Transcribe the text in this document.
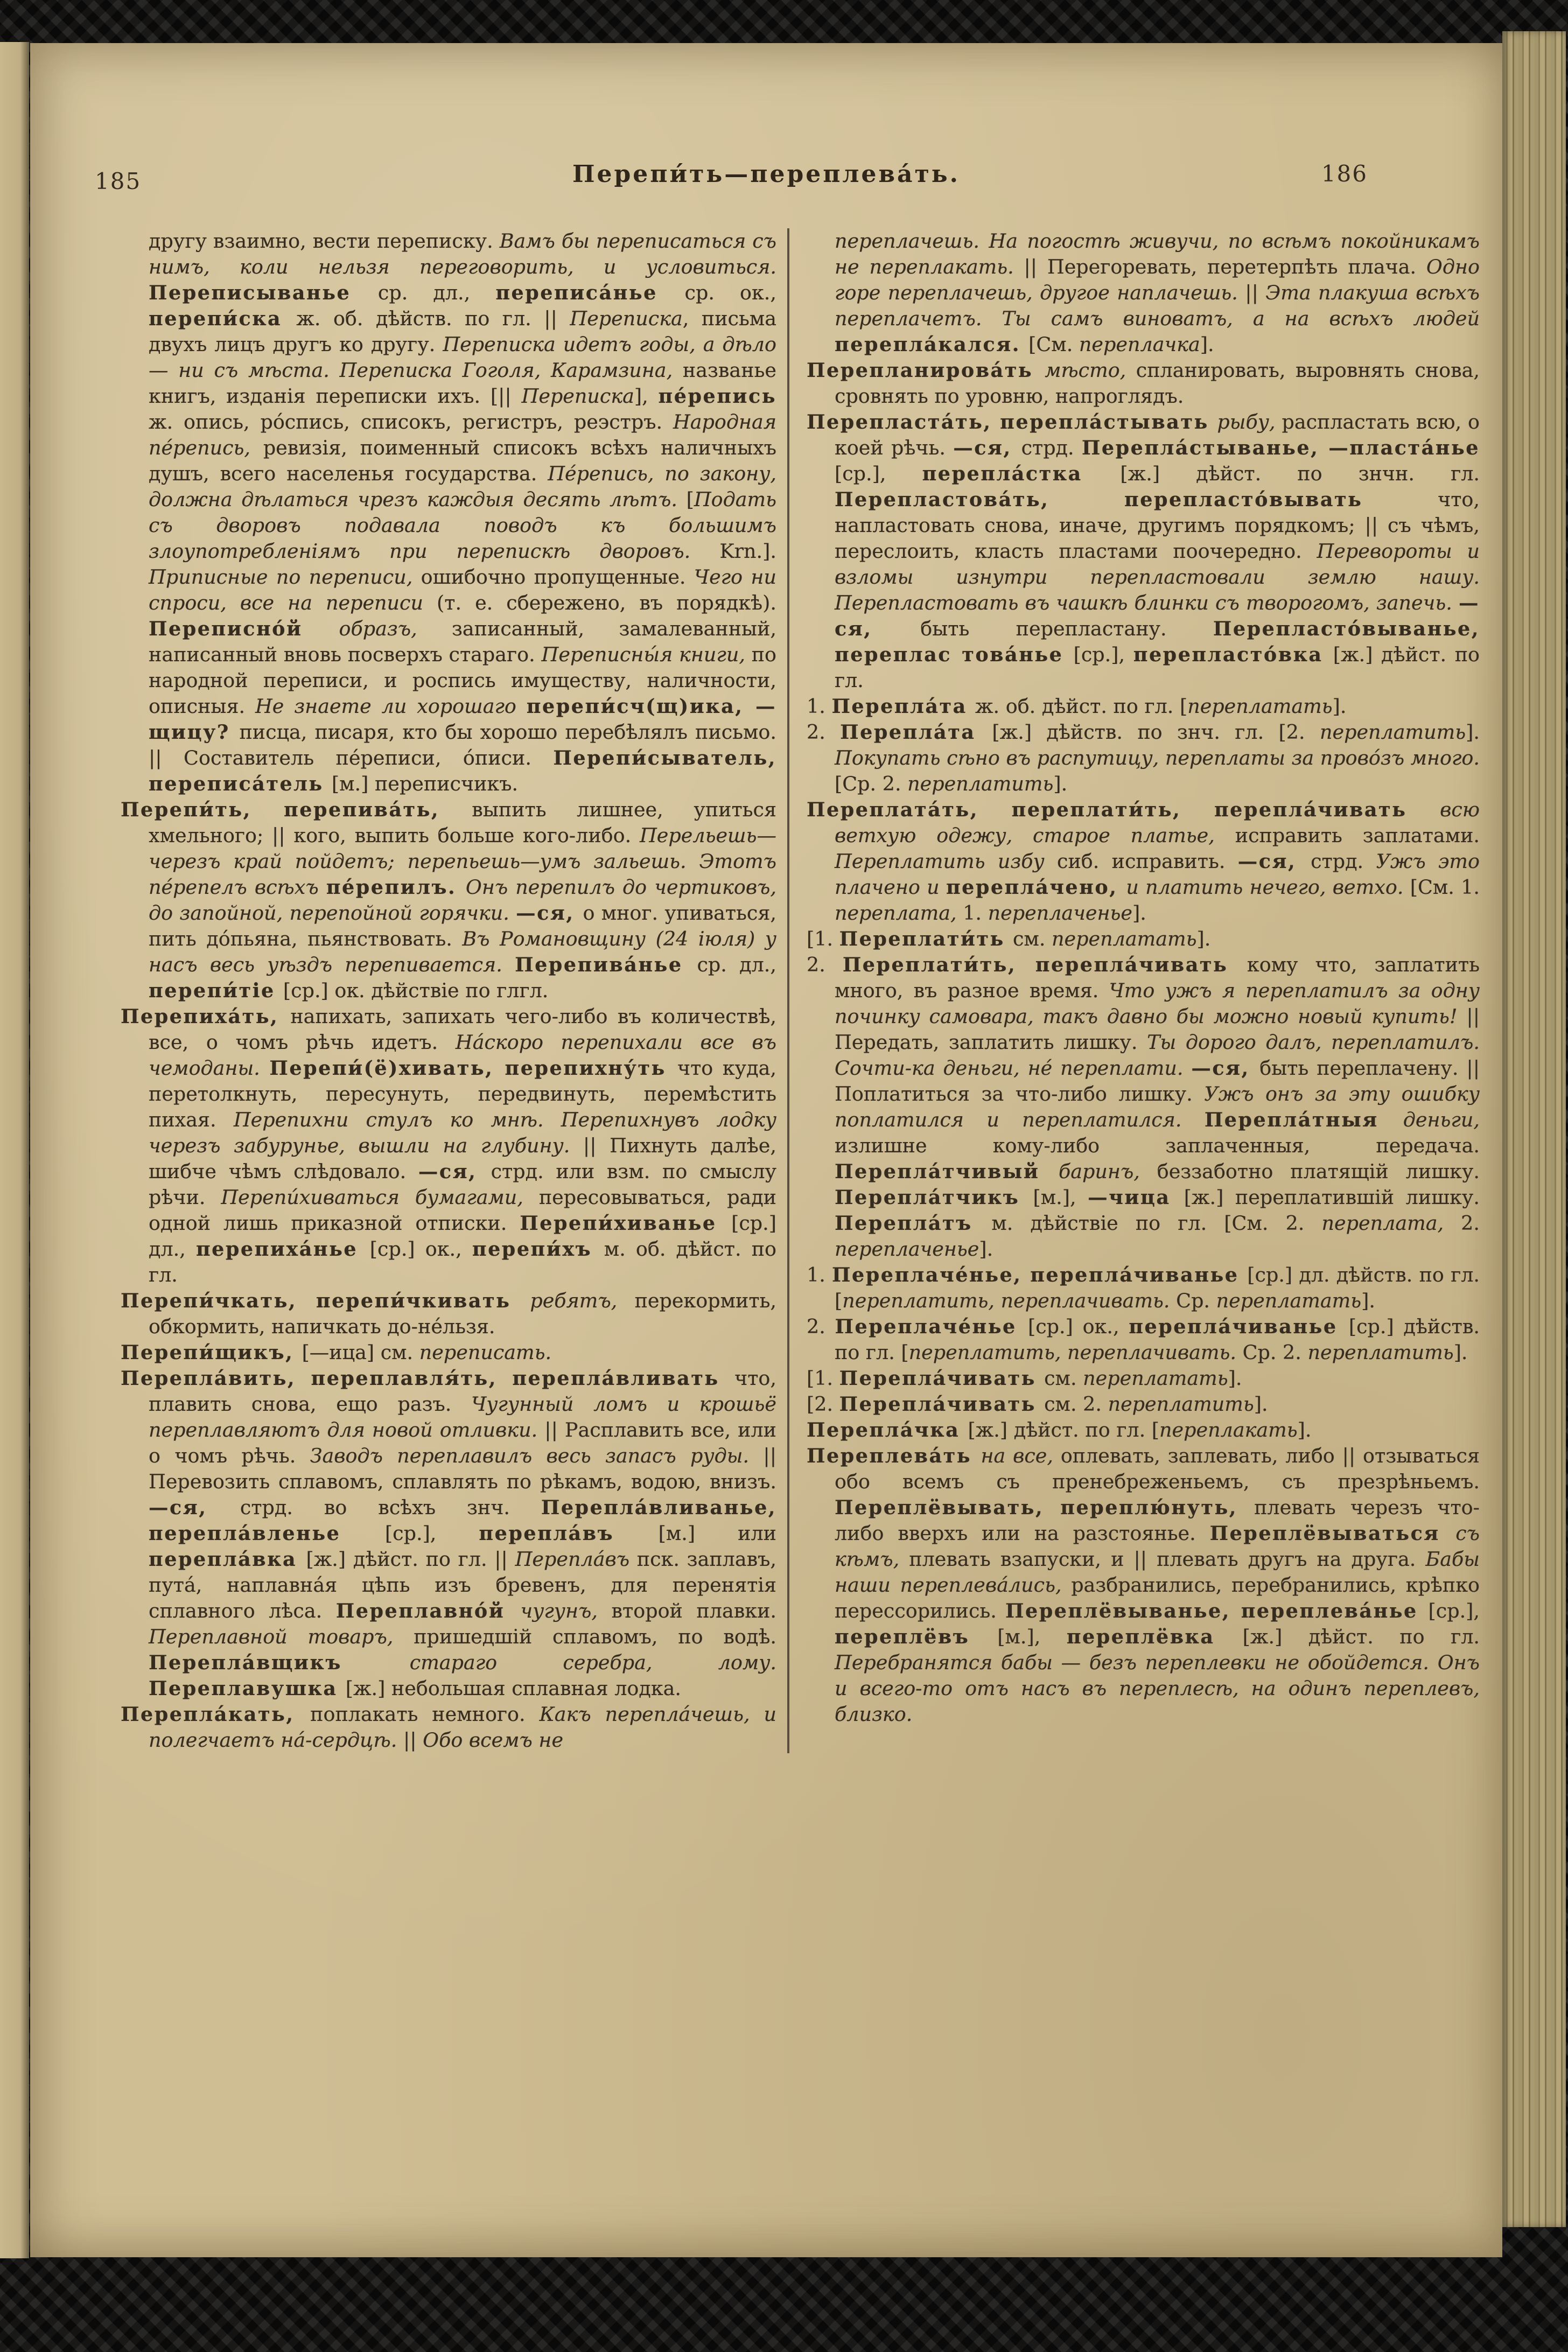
185	Перепи́ть—переплева́ть.	186

другу взаимно, вести переписку. Вамъ бы переписаться съ нимъ, коли нельзя переговорить, и условиться. Переписыванье ср. дл., переписа́нье ср. ок., перепи́ска ж. об. дѣйств. по гл. || Переписка, письма двухъ лицъ другъ ко другу. Переписка идетъ годы, а дѣло — ни съ мѣста. Переписка Гоголя, Карамзина, названье книгъ, изданія переписки ихъ. [|| Переписка], пе́репись ж. опись, ро́спись, списокъ, регистръ, реэстръ. Народная пе́репись, ревизія, поименный списокъ всѣхъ наличныхъ душъ, всего населенья государства. Пе́репись, по закону, должна дѣлаться чрезъ каждыя десять лѣтъ. [Подать съ дворовъ подавала поводъ къ большимъ злоупотребленіямъ при перепискѣ дворовъ. Krn.]. Приписные по переписи, ошибочно пропущенные. Чего ни спроси, все на переписи (т. е. сбережено, въ порядкѣ). Переписно́й образъ, записанный, замалеванный, написанный вновь посверхъ стараго. Переписны́я книги, по народной переписи, и роспись имуществу, наличности, описныя. Не знаете ли хорошаго перепи́сч(щ)ика, —щицу? писца, писаря, кто бы хорошо перебѣлялъ письмо. || Составитель пе́реписи, о́писи. Перепи́сыватель, переписа́тель [м.] переписчикъ.

Перепи́ть, перепива́ть, выпить лишнее, упиться хмельного; || кого, выпить больше кого-либо. Перельешь—черезъ край пойдетъ; перепьешь—умъ зальешь. Этотъ пе́репелъ всѣхъ пе́репилъ. Онъ перепилъ до чертиковъ, до запойной, перепойной горячки. —ся, о мног. упиваться, пить до́пьяна, пьянствовать. Въ Романовщину (24 іюля) у насъ весь уѣздъ перепивается. Перепива́нье ср. дл., перепи́тіе [ср.] ок. дѣйствіе по глгл.

Перепиха́ть, напихать, запихать чего-либо въ количествѣ, все, о чомъ рѣчь идетъ. На́скоро перепихали все въ чемоданы. Перепи́(ё)хивать, перепихну́ть что куда, перетолкнуть, пересунуть, передвинуть, перемѣстить пихая. Перепихни стулъ ко мнѣ. Перепихнувъ лодку черезъ забурунье, вышли на глубину. || Пихнуть далѣе, шибче чѣмъ слѣдовало. —ся, стрд. или взм. по смыслу рѣчи. Перепи́хиваться бумагами, пересовываться, ради одной лишь приказной отписки. Перепи́хиванье [ср.] дл., перепиха́нье [ср.] ок., перепи́хъ м. об. дѣйст. по гл.

Перепи́чкать, перепи́чкивать ребятъ, перекормить, обкормить, напичкать до-не́льзя.

Перепи́щикъ, [—ица] см. переписать.

Перепла́вить, переплавля́ть, перепла́вливать что, плавить снова, ещо разъ. Чугунный ломъ и крошьё переплавляютъ для новой отливки. || Расплавить все, или о чомъ рѣчь. Заводъ переплавилъ весь запасъ руды. || Перевозить сплавомъ, сплавлять по рѣкамъ, водою, внизъ. —ся, стрд. во всѣхъ знч. Перепла́вливанье, перепла́вленье [ср.], перепла́въ [м.] или перепла́вка [ж.] дѣйст. по гл. || Перепла́въ пск. заплавъ, пута́, наплавна́я цѣпь изъ бревенъ, для перенятія сплавного лѣса. Переплавно́й чугунъ, второй плавки. Переплавной товаръ, пришедшій сплавомъ, по водѣ. Перепла́вщикъ стараго серебра, лому. Переплавушка [ж.] небольшая сплавная лодка.

Перепла́кать, поплакать немного. Какъ перепла́чешь, и полегчаетъ на́-сердцѣ. || Обо всемъ не

переплачешь. На погостѣ живучи, по всѣмъ покойникамъ не переплакать. || Перегоревать, перетерпѣть плача. Одно горе переплачешь, другое наплачешь. || Эта плакуша всѣхъ переплачетъ. Ты самъ виноватъ, а на всѣхъ людей перепла́кался. [См. переплачка].

Перепланирова́ть мѣсто, спланировать, выровнять снова, сровнять по уровню, напроглядъ.

Перепласта́ть, перепла́стывать рыбу, распластать всю, о коей рѣчь. —ся, стрд. Перепла́стыванье, —пласта́нье [ср.], перепла́стка [ж.] дѣйст. по знчн. гл. Перепластова́ть, перепласто́вывать что, напластовать снова, иначе, другимъ порядкомъ; || съ чѣмъ, переслоить, класть пластами поочередно. Перевороты и взломы изнутри перепластовали землю нашу. Перепластовать въ чашкѣ блинки съ творогомъ, запечь. —ся, быть перепластану. Перепласто́выванье, переплас това́нье [ср.], перепласто́вка [ж.] дѣйст. по гл.

1. Перепла́та ж. об. дѣйст. по гл. [переплатать].

2. Перепла́та [ж.] дѣйств. по знч. гл. [2. переплатить]. Покупать сѣно въ распутицу, переплаты за прово́зъ много. [Ср. 2. переплатить].

Переплата́ть, переплати́ть, перепла́чивать всю ветхую одежу, старое платье, исправить заплатами. Переплатить избу сиб. исправить. —ся, стрд. Ужъ это плачено и перепла́чено, и платить нечего, ветхо. [См. 1. переплата, 1. переплаченье].

[1. Переплати́ть см. переплатать].

2. Переплати́ть, перепла́чивать кому что, заплатить много, въ разное время. Что ужъ я переплатилъ за одну починку самовара, такъ давно бы можно новый купить! || Передать, заплатить лишку. Ты дорого далъ, переплатилъ. Сочти-ка деньги, не́ переплати. —ся, быть переплачену. || Поплатиться за что-либо лишку. Ужъ онъ за эту ошибку поплатился и переплатился. Перепла́тныя деньги, излишне кому-либо заплаченныя, передача. Перепла́тчивый баринъ, беззаботно платящій лишку. Перепла́тчикъ [м.], —чица [ж.] переплатившій лишку. Перепла́тъ м. дѣйствіе по гл. [См. 2. переплата, 2. переплаченье].

1. Переплаче́нье, перепла́чиванье [ср.] дл. дѣйств. по гл. [переплатить, переплачивать. Ср. переплатать].

2. Переплаче́нье [ср.] ок., перепла́чиванье [ср.] дѣйств. по гл. [переплатить, переплачивать. Ср. 2. переплатить].

[1. Перепла́чивать см. переплатать].

[2. Перепла́чивать см. 2. переплатить].

Перепла́чка [ж.] дѣйст. по гл. [переплакать].

Переплева́ть на все, оплевать, заплевать, либо || отзываться обо всемъ съ пренебреженьемъ, съ презрѣньемъ. Переплёвывать, переплю́нуть, плевать черезъ что-либо вверхъ или на разстоянье. Переплёвываться съ кѣмъ, плевать взапуски, и || плевать другъ на друга. Бабы наши переплева́лись, разбранились, перебранились, крѣпко перессорились. Переплёвыванье, переплева́нье [ср.], переплёвъ [м.], переплёвка [ж.] дѣйст. по гл. Перебранятся бабы — безъ переплевки не обойдется. Онъ и всего-то отъ насъ въ переплесѣ, на одинъ переплевъ, близко.
